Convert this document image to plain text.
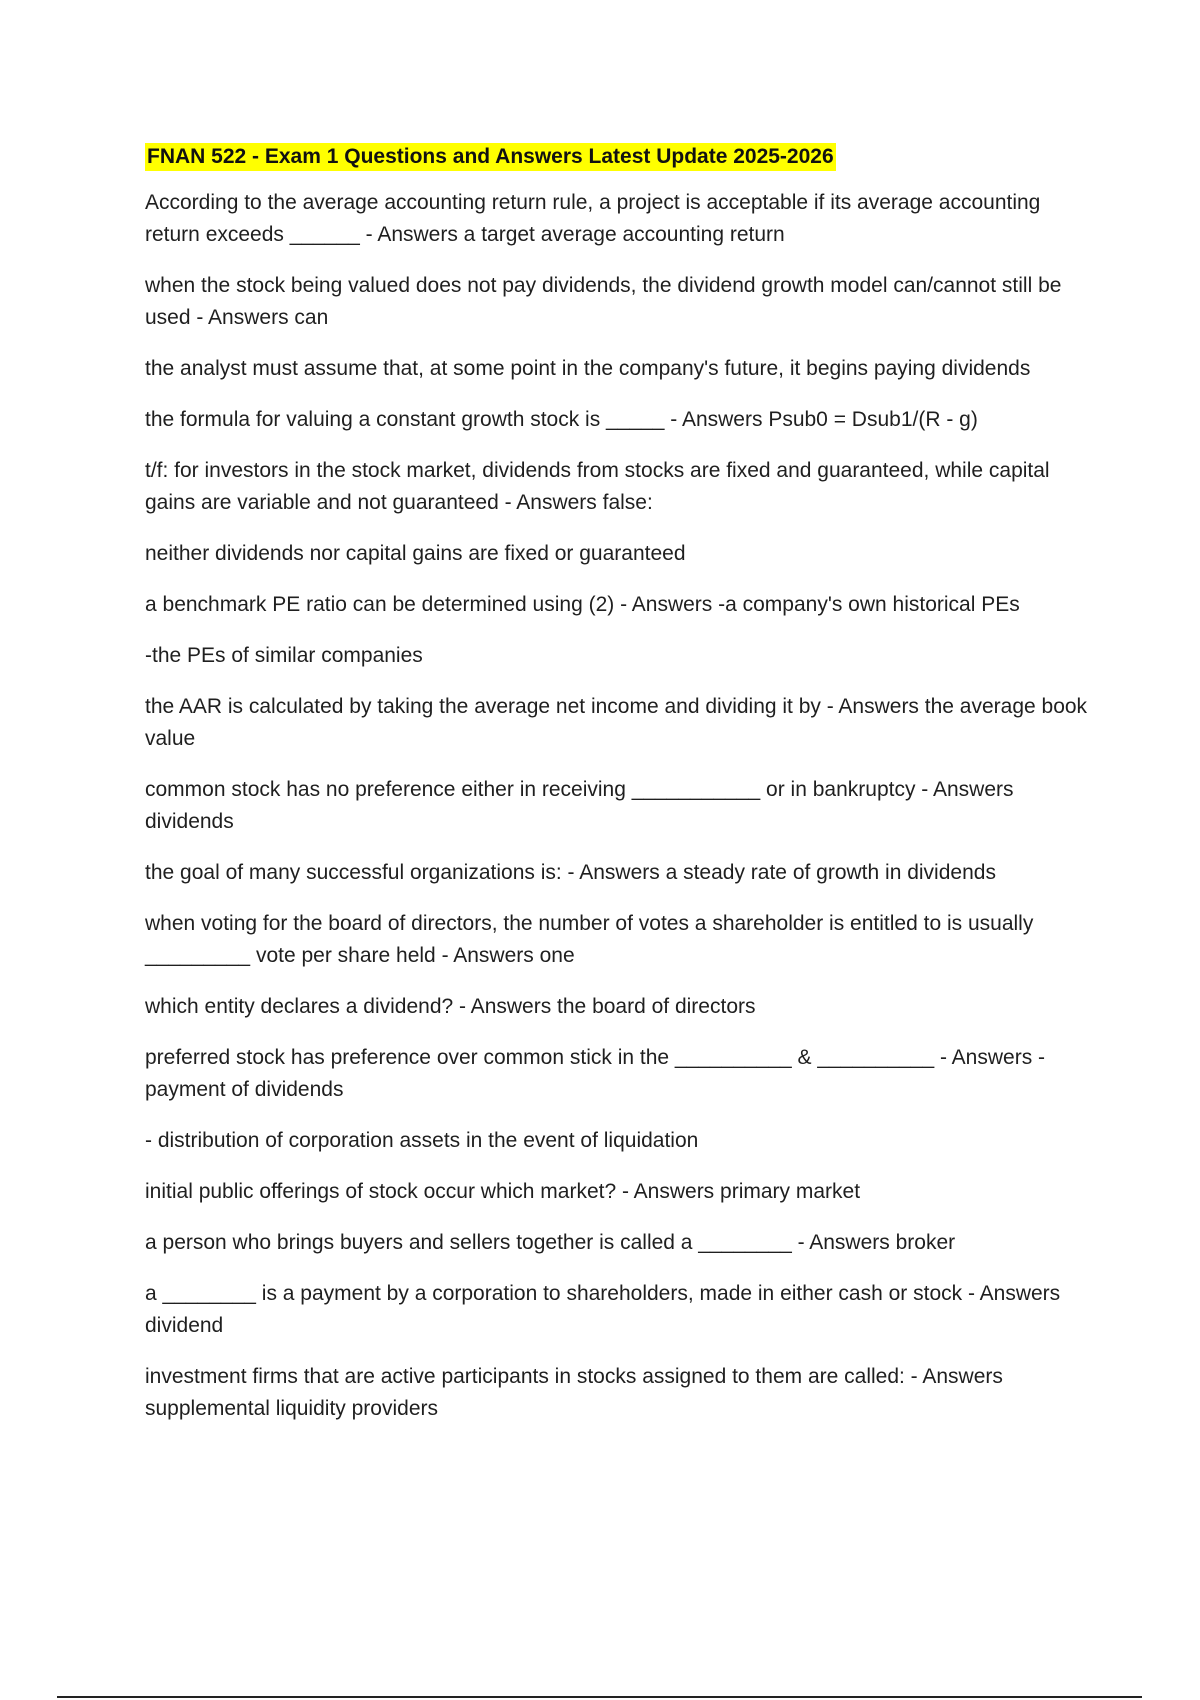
FNAN 522 - Exam 1 Questions and Answers Latest Update 2025-2026

According to the average accounting return rule, a project is acceptable if its average accounting return exceeds ______ - Answers a target average accounting return

when the stock being valued does not pay dividends, the dividend growth model can/cannot still be used - Answers can

the analyst must assume that, at some point in the company's future, it begins paying dividends

the formula for valuing a constant growth stock is _____ - Answers Psub0 = Dsub1/(R - g)

t/f: for investors in the stock market, dividends from stocks are fixed and guaranteed, while capital gains are variable and not guaranteed - Answers false:

neither dividends nor capital gains are fixed or guaranteed

a benchmark PE ratio can be determined using (2) - Answers -a company's own historical PEs

-the PEs of similar companies

the AAR is calculated by taking the average net income and dividing it by - Answers the average book value

common stock has no preference either in receiving ___________ or in bankruptcy - Answers dividends

the goal of many successful organizations is: - Answers a steady rate of growth in dividends

when voting for the board of directors, the number of votes a shareholder is entitled to is usually _________ vote per share held - Answers one

which entity declares a dividend? - Answers the board of directors

preferred stock has preference over common stick in the __________ & __________ - Answers - payment of dividends

- distribution of corporation assets in the event of liquidation

initial public offerings of stock occur which market? - Answers primary market

a person who brings buyers and sellers together is called a ________ - Answers broker

a ________ is a payment by a corporation to shareholders, made in either cash or stock - Answers dividend

investment firms that are active participants in stocks assigned to them are called: - Answers supplemental liquidity providers
